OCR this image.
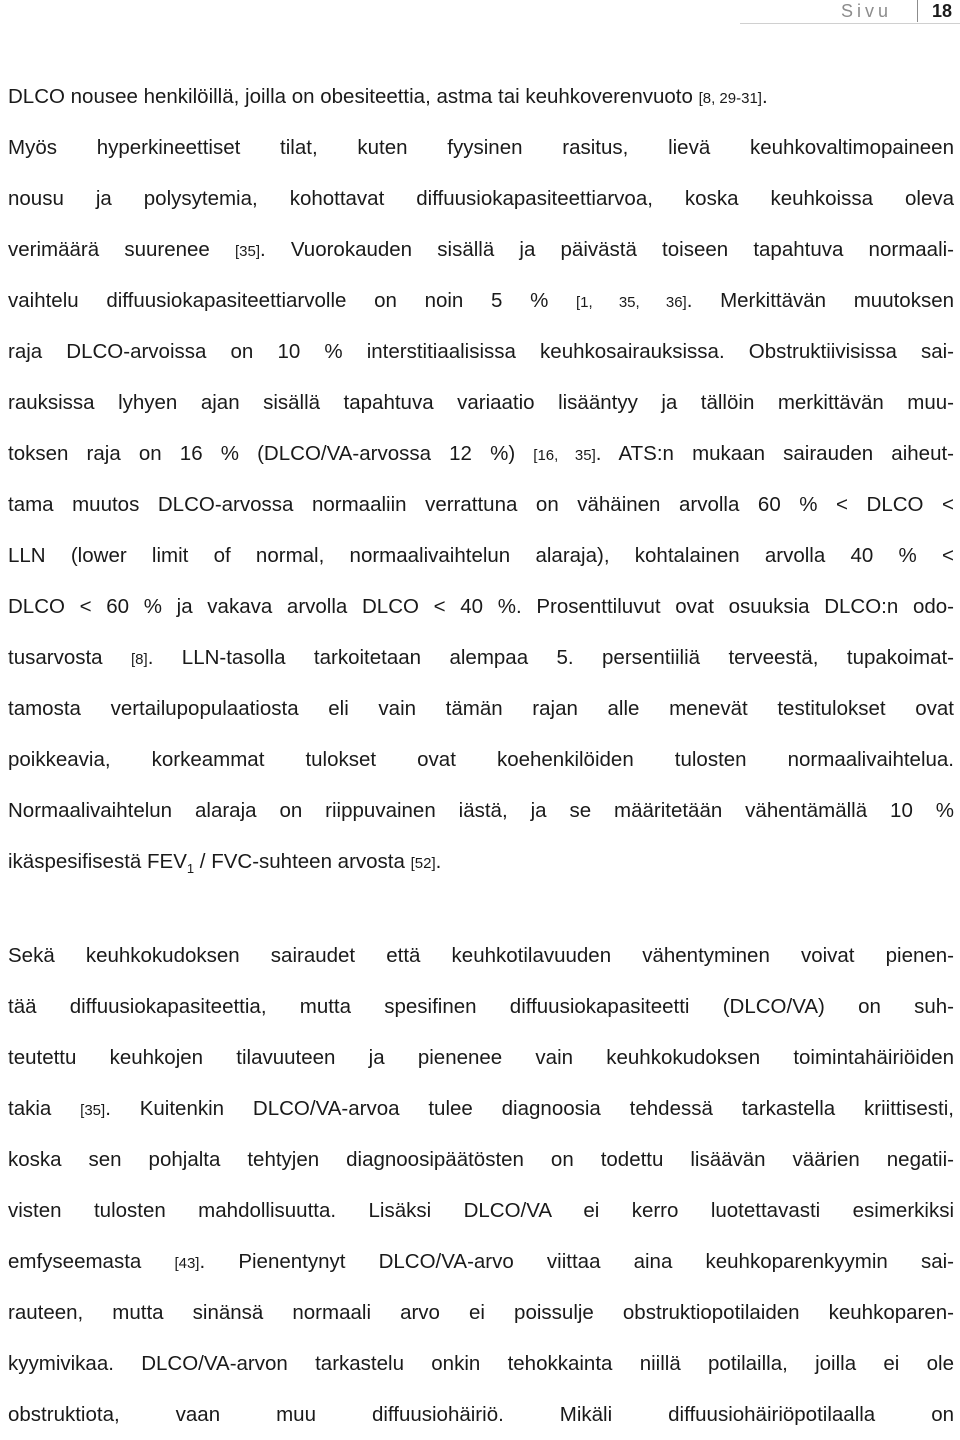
Sivu 18
DLCO nousee henkilöillä, joilla on obesiteettia, astma tai keuhkoverenvuoto [8, 29-31].
Myös hyperkineettiset tilat, kuten fyysinen rasitus, lievä keuhkovaltimopaineen
nousu ja polysytemia, kohottavat diffuusiokapasiteettiarvoa, koska keuhkoissa oleva
verimäärä suurenee [35]. Vuorokauden sisällä ja päivästä toiseen tapahtuva normaali-
vaihtelu diffuusiokapasiteettiarvolle on noin 5 % [1, 35, 36]. Merkittävän muutoksen
raja DLCO-arvoissa on 10 % interstitiaalisissa keuhkosairauksissa. Obstruktiivisissa sai-
rauksissa lyhyen ajan sisällä tapahtuva variaatio lisääntyy ja tällöin merkittävän muu-
toksen raja on 16 % (DLCO/VA-arvossa 12 %) [16, 35]. ATS:n mukaan sairauden aiheut-
tama muutos DLCO-arvossa normaaliin verrattuna on vähäinen arvolla 60 % < DLCO <
LLN (lower limit of normal, normaalivaihtelun alaraja), kohtalainen arvolla 40 % <
DLCO < 60 % ja vakava arvolla DLCO < 40 %. Prosenttiluvut ovat osuuksia DLCO:n odo-
tusarvosta [8]. LLN-tasolla tarkoitetaan alempaa 5. persentiiliä terveestä, tupakoimat-
tamosta vertailupopulaatiosta eli vain tämän rajan alle menevät testitulokset ovat
poikkeavia, korkeammat tulokset ovat koehenkilöiden tulosten normaalivaihtelua.
Normaalivaihtelun alaraja on riippuvainen iästä, ja se määritetään vähentämällä 10 %
ikäspesifisestä $FEV_1$ / FVC-suhteen arvosta [52].
Sekä keuhkokudoksen sairaudet että keuhkotilavuuden vähentyminen voivat pienen-
tää diffuusiokapasiteettia, mutta spesifinen diffuusiokapasiteetti (DLCO/VA) on suh-
teutettu keuhkojen tilavuuteen ja pienenee vain keuhkokudoksen toimintahäiriöiden
takia [35]. Kuitenkin DLCO/VA-arvoa tulee diagnoosia tehdessä tarkastella kriittisesti,
koska sen pohjalta tehtyjen diagnoosipäätösten on todettu lisäävän väärien negatii-
visten tulosten mahdollisuutta. Lisäksi DLCO/VA ei kerro luotettavasti esimerkiksi
emfyseemasta [43]. Pienentynyt DLCO/VA-arvo viittaa aina keuhkoparenkyymin sai-
rauteen, mutta sinänsä normaali arvo ei poissulje obstruktiopotilaiden keuhkoparen-
kyymivikaa. DLCO/VA-arvon tarkastelu onkin tehokkainta niillä potilailla, joilla ei ole
obstruktiota, vaan muu diffuusiohäiriö. Mikäli diffuusiohäiriöpotilaalla on
